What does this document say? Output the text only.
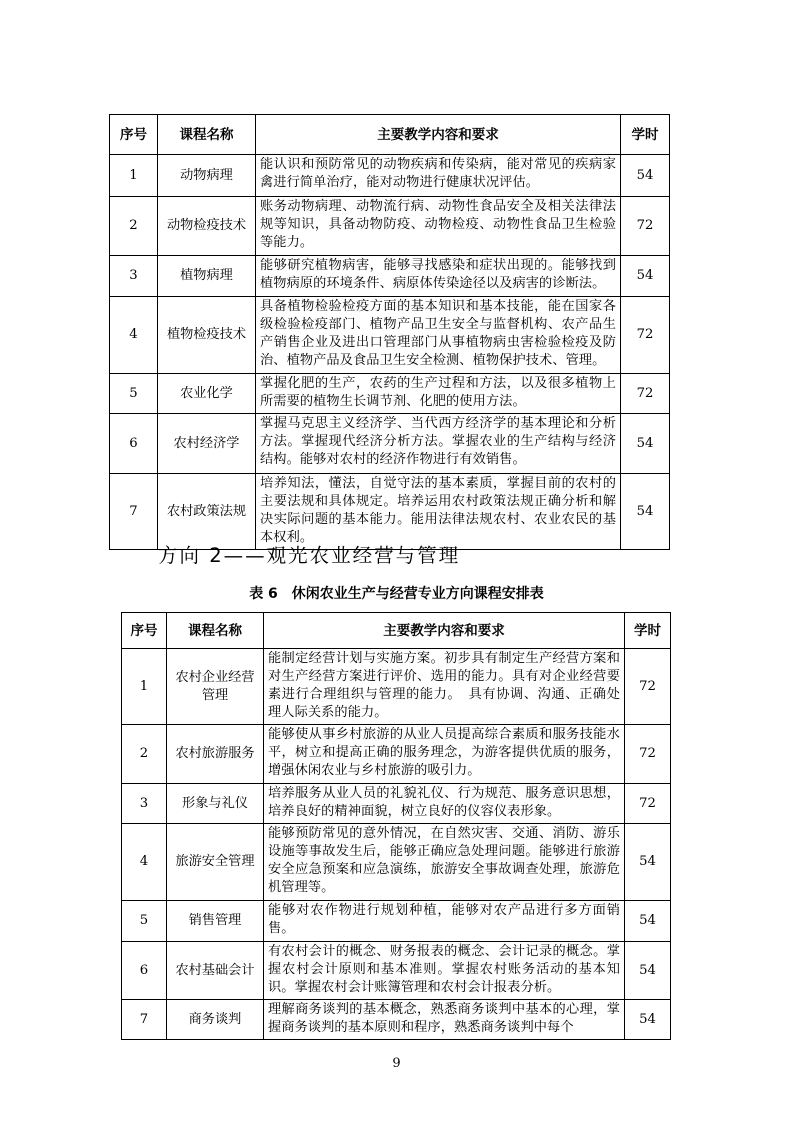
序号	课程名称	主要教学内容和要求	学时
1	动物病理	能认识和预防常见的动物疾病和传染病，能对常见的疾病家禽进行简单治疗，能对动物进行健康状况评估。	54
2	动物检疫技术	账务动物病理、动物流行病、动物性食品安全及相关法律法规等知识，具备动物防疫、动物检疫、动物性食品卫生检验等能力。	72
3	植物病理	能够研究植物病害，能够寻找感染和症状出现的。能够找到植物病原的环境条件、病原体传染途径以及病害的诊断法。	54
4	植物检疫技术	具备植物检验检疫方面的基本知识和基本技能，能在国家各级检验检疫部门、植物产品卫生安全与监督机构、农产品生产销售企业及进出口管理部门从事植物病虫害检验检疫及防治、植物产品及食品卫生安全检测、植物保护技术、管理。	72
5	农业化学	掌握化肥的生产，农药的生产过程和方法，以及很多植物上所需要的植物生长调节剂、化肥的使用方法。	72
6	农村经济学	掌握马克思主义经济学、当代西方经济学的基本理论和分析方法。掌握现代经济分析方法。掌握农业的生产结构与经济结构。能够对农村的经济作物进行有效销售。	54
7	农村政策法规	培养知法，懂法，自觉守法的基本素质，掌握目前的农村的主要法规和具体规定。培养运用农村政策法规正确分析和解决实际问题的基本能力。能用法律法规农村、农业农民的基本权利。	54
方向 2——观光农业经营与管理
表 6　休闲农业生产与经营专业方向课程安排表
序号	课程名称	主要教学内容和要求	学时
1	农村企业经营管理	能制定经营计划与实施方案。初步具有制定生产经营方案和对生产经营方案进行评价、选用的能力。具有对企业经营要素进行合理组织与管理的能力。　具有协调、沟通、正确处理人际关系的能力。	72
2	农村旅游服务	能够使从事乡村旅游的从业人员提高综合素质和服务技能水平，树立和提高正确的服务理念，为游客提供优质的服务，增强休闲农业与乡村旅游的吸引力。	72
3	形象与礼仪	培养服务从业人员的礼貌礼仪、行为规范、服务意识思想，培养良好的精神面貌，树立良好的仪容仪表形象。	72
4	旅游安全管理	能够预防常见的意外情况，在自然灾害、交通、消防、游乐设施等事故发生后，能够正确应急处理问题。能够进行旅游安全应急预案和应急演练，旅游安全事故调查处理，旅游危机管理等。	54
5	销售管理	能够对农作物进行规划种植，能够对农产品进行多方面销售。	54
6	农村基础会计	有农村会计的概念、财务报表的概念、会计记录的概念。掌握农村会计原则和基本准则。掌握农村账务活动的基本知识。掌握农村会计账簿管理和农村会计报表分析。	54
7	商务谈判	理解商务谈判的基本概念，熟悉商务谈判中基本的心理，掌握商务谈判的基本原则和程序，熟悉商务谈判中每个	54
9
